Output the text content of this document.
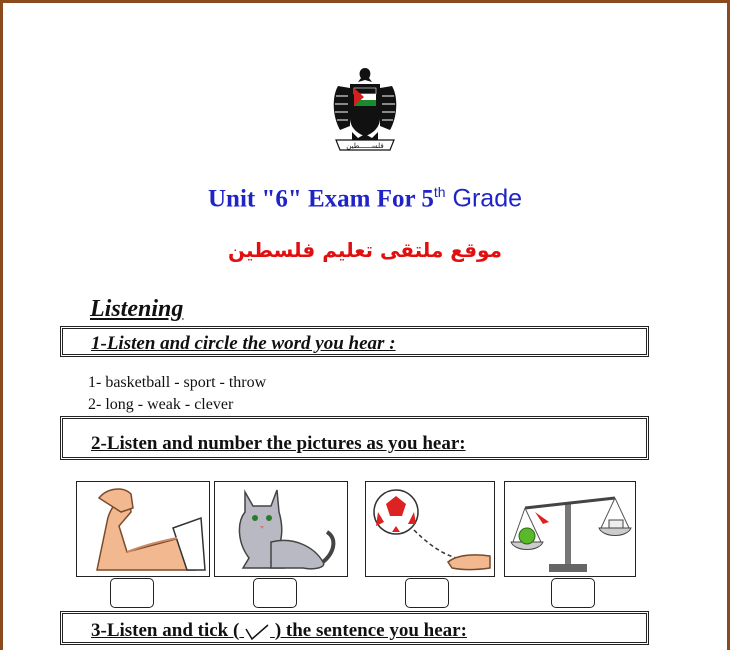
فلســــــطين
Unit "6" Exam For 5th Grade
موقع ملتقى تعليم فلسطين
Listening
1-Listen and circle the word you hear :
1- basketball - sport - throw
2- long - weak - clever
2-Listen and number the pictures as you hear:
3-Listen and tick ( ) the sentence you hear:
